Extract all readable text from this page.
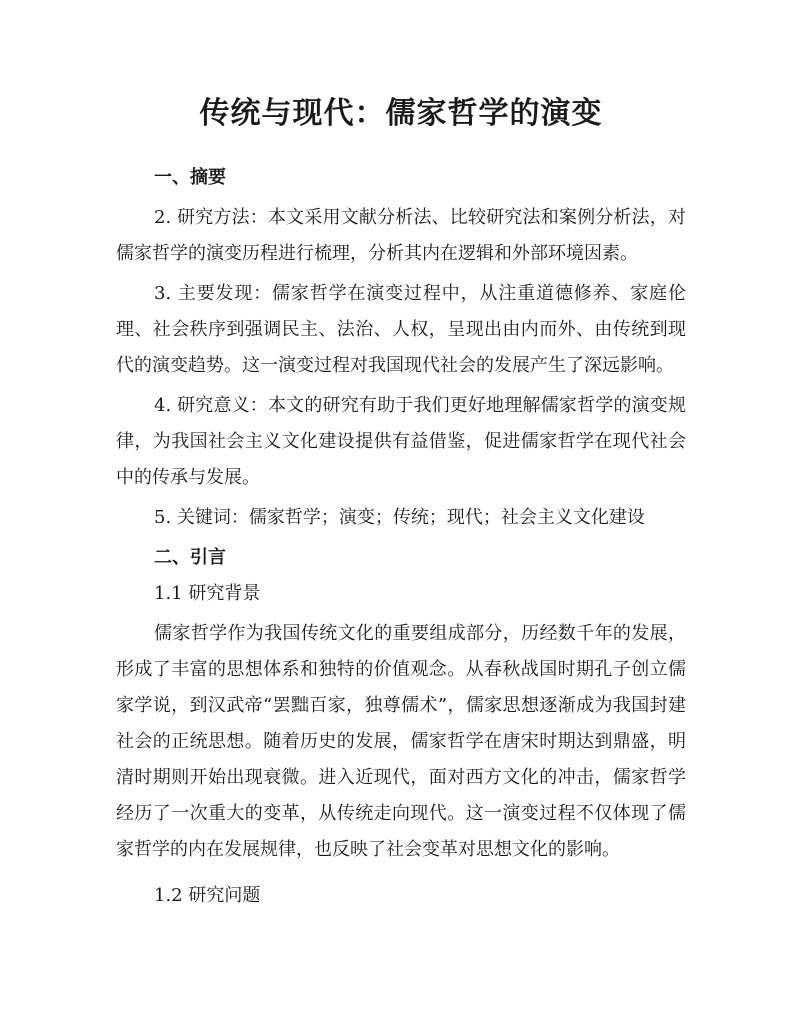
传统与现代：儒家哲学的演变
一、摘要

2. 研究方法：本文采用文献分析法、比较研究法和案例分析法，对儒家哲学的演变历程进行梳理，分析其内在逻辑和外部环境因素。

3. 主要发现：儒家哲学在演变过程中，从注重道德修养、家庭伦理、社会秩序到强调民主、法治、人权，呈现出由内而外、由传统到现代的演变趋势。这一演变过程对我国现代社会的发展产生了深远影响。

4. 研究意义：本文的研究有助于我们更好地理解儒家哲学的演变规律，为我国社会主义文化建设提供有益借鉴，促进儒家哲学在现代社会中的传承与发展。

5. 关键词：儒家哲学；演变；传统；现代；社会主义文化建设

二、引言
1.1 研究背景

儒家哲学作为我国传统文化的重要组成部分，历经数千年的发展，形成了丰富的思想体系和独特的价值观念。从春秋战国时期孔子创立儒家学说，到汉武帝“罢黜百家，独尊儒术”，儒家思想逐渐成为我国封建社会的正统思想。随着历史的发展，儒家哲学在唐宋时期达到鼎盛，明清时期则开始出现衰微。进入近现代，面对西方文化的冲击，儒家哲学经历了一次重大的变革，从传统走向现代。这一演变过程不仅体现了儒家哲学的内在发展规律，也反映了社会变革对思想文化的影响。

1.2 研究问题
